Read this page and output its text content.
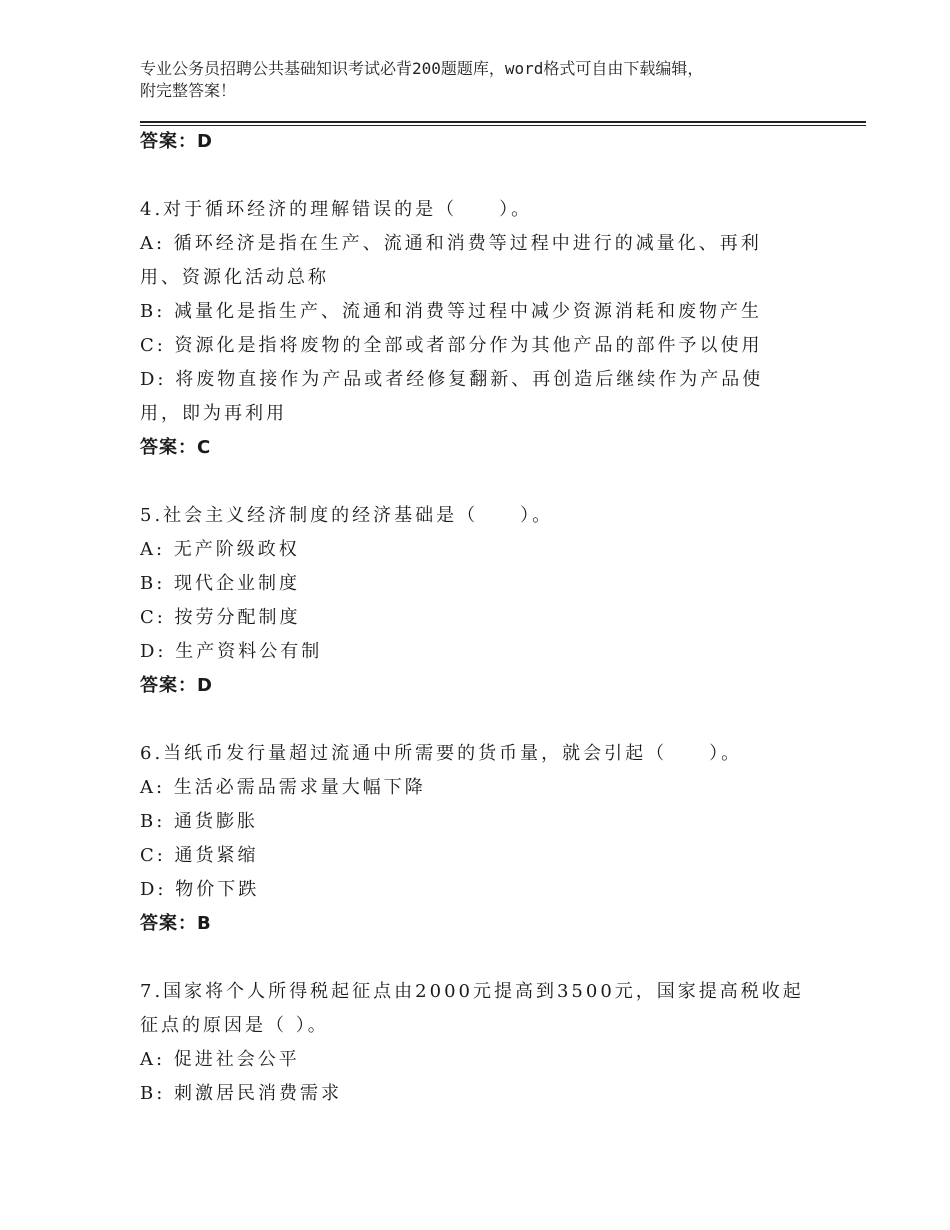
专业公务员招聘公共基础知识考试必背200题题库，word格式可自由下载编辑，
附完整答案！
答案：D
4.对于循环经济的理解错误的是（　　）。
A: 循环经济是指在生产、流通和消费等过程中进行的减量化、再利
用、资源化活动总称
B: 减量化是指生产、流通和消费等过程中减少资源消耗和废物产生
C: 资源化是指将废物的全部或者部分作为其他产品的部件予以使用
D: 将废物直接作为产品或者经修复翻新、再创造后继续作为产品使
用，即为再利用
答案：C
5.社会主义经济制度的经济基础是（　　）。
A: 无产阶级政权
B: 现代企业制度
C: 按劳分配制度
D: 生产资料公有制
答案：D
6.当纸币发行量超过流通中所需要的货币量，就会引起（　　）。
A: 生活必需品需求量大幅下降
B: 通货膨胀
C: 通货紧缩
D: 物价下跌
答案：B
7.国家将个人所得税起征点由2000元提高到3500元，国家提高税收起
征点的原因是（ ）。
A: 促进社会公平
B: 刺激居民消费需求
